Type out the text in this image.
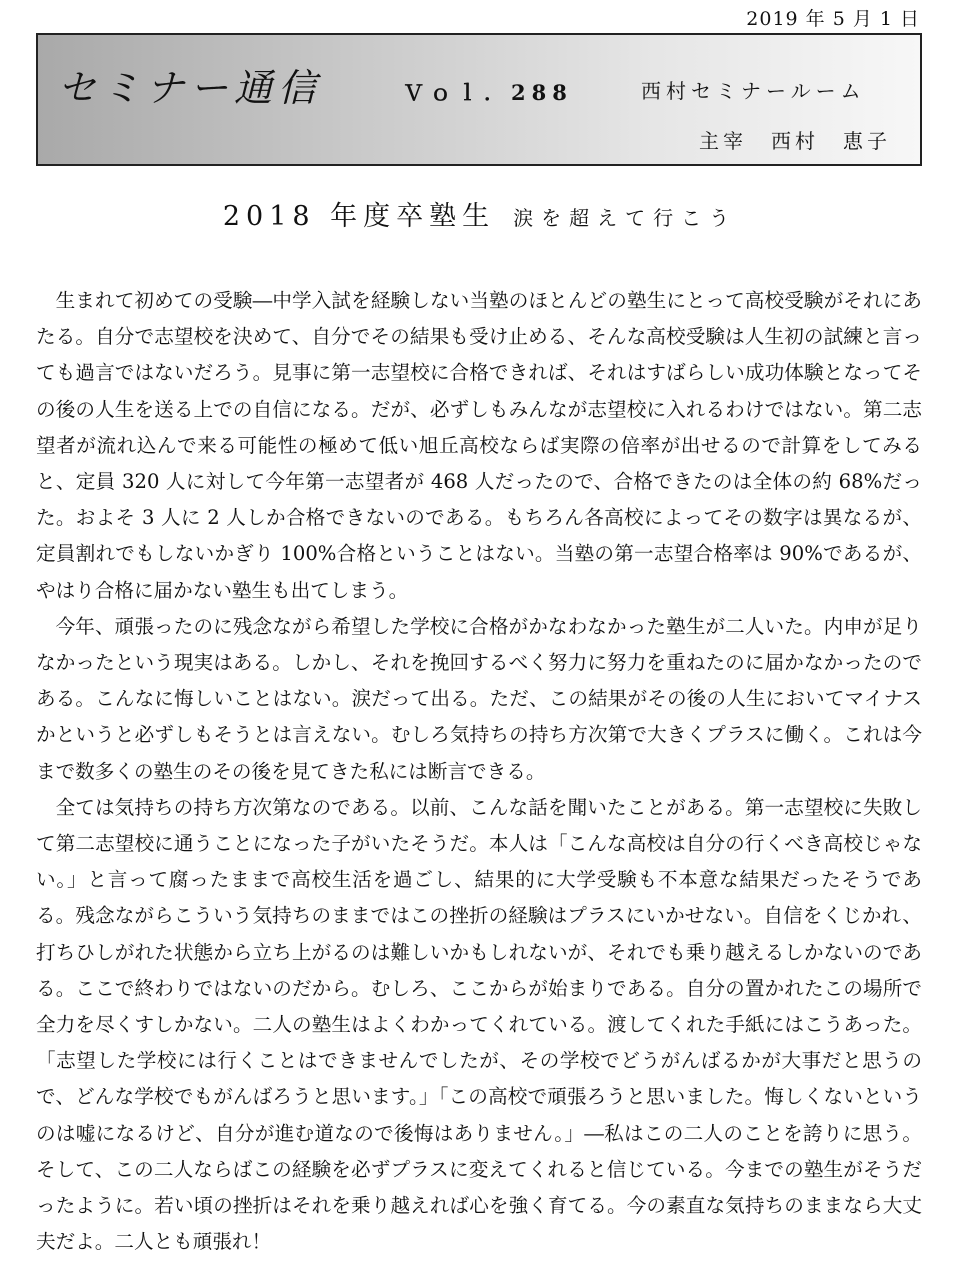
2019 年 5 月 1 日
セミナー通信	Ｖｏｌ．288	西村セミナールーム
主宰　西村　恵子
2018 年度卒塾生 涙を超えて行こう

生まれて初めての受験―中学入試を経験しない当塾のほとんどの塾生にとって高校受験がそれにあたる。自分で志望校を決めて、自分でその結果も受け止める、そんな高校受験は人生初の試練と言っても過言ではないだろう。見事に第一志望校に合格できれば、それはすばらしい成功体験となってその後の人生を送る上での自信になる。だが、必ずしもみんなが志望校に入れるわけではない。第二志望者が流れ込んで来る可能性の極めて低い旭丘高校ならば実際の倍率が出せるので計算をしてみると、定員 320 人に対して今年第一志望者が 468 人だったので、合格できたのは全体の約 68%だった。およそ 3 人に 2 人しか合格できないのである。もちろん各高校によってその数字は異なるが、定員割れでもしないかぎり 100%合格ということはない。当塾の第一志望合格率は 90%であるが、やはり合格に届かない塾生も出てしまう。

今年、頑張ったのに残念ながら希望した学校に合格がかなわなかった塾生が二人いた。内申が足りなかったという現実はある。しかし、それを挽回するべく努力に努力を重ねたのに届かなかったのである。こんなに悔しいことはない。涙だって出る。ただ、この結果がその後の人生においてマイナスかというと必ずしもそうとは言えない。むしろ気持ちの持ち方次第で大きくプラスに働く。これは今まで数多くの塾生のその後を見てきた私には断言できる。

全ては気持ちの持ち方次第なのである。以前、こんな話を聞いたことがある。第一志望校に失敗して第二志望校に通うことになった子がいたそうだ。本人は「こんな高校は自分の行くべき高校じゃない。」と言って腐ったままで高校生活を過ごし、結果的に大学受験も不本意な結果だったそうである。残念ながらこういう気持ちのままではこの挫折の経験はプラスにいかせない。自信をくじかれ、打ちひしがれた状態から立ち上がるのは難しいかもしれないが、それでも乗り越えるしかないのである。ここで終わりではないのだから。むしろ、ここからが始まりである。自分の置かれたこの場所で全力を尽くすしかない。二人の塾生はよくわかってくれている。渡してくれた手紙にはこうあった。「志望した学校には行くことはできませんでしたが、その学校でどうがんばるかが大事だと思うので、どんな学校でもがんばろうと思います。」「この高校で頑張ろうと思いました。悔しくないというのは嘘になるけど、自分が進む道なので後悔はありません。」―私はこの二人のことを誇りに思う。そして、この二人ならばこの経験を必ずプラスに変えてくれると信じている。今までの塾生がそうだったように。若い頃の挫折はそれを乗り越えれば心を強く育てる。今の素直な気持ちのままなら大丈夫だよ。二人とも頑張れ！
